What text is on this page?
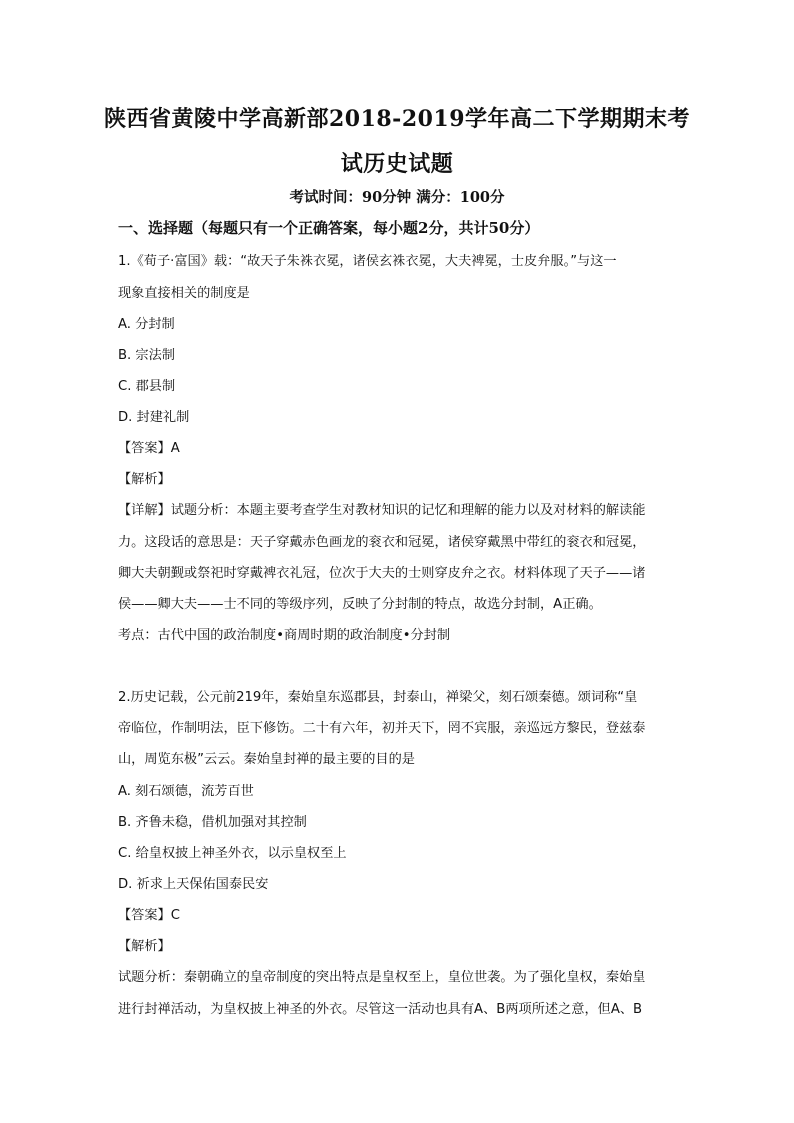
陕西省黄陵中学高新部2018-2019学年高二下学期期末考
试历史试题
考试时间：90分钟 满分：100分
一、选择题（每题只有一个正确答案，每小题2分，共计50分）
1.《荀子·富国》载：“故天子朱袾衣冕，诸侯玄袾衣冕，大夫裨冕，士皮弁服。”与这一
现象直接相关的制度是
A. 分封制
B. 宗法制
C. 郡县制
D. 封建礼制
【答案】A
【解析】
【详解】试题分析：本题主要考查学生对教材知识的记忆和理解的能力以及对材料的解读能
力。这段话的意思是：天子穿戴赤色画龙的衮衣和冠冕，诸侯穿戴黑中带红的衮衣和冠冕，
卿大夫朝觐或祭祀时穿戴裨衣礼冠，位次于大夫的士则穿皮弁之衣。材料体现了天子——诸
侯——卿大夫——士不同的等级序列，反映了分封制的特点，故选分封制，A正确。
考点：古代中国的政治制度•商周时期的政治制度•分封制
2.历史记载，公元前219年，秦始皇东巡郡县，封泰山，禅梁父，刻石颂秦德。颂词称“皇
帝临位，作制明法，臣下修饬。二十有六年，初并天下，罔不宾服，亲巡远方黎民，登兹泰
山，周览东极”云云。秦始皇封禅的最主要的目的是
A. 刻石颂德，流芳百世
B. 齐鲁未稳，借机加强对其控制
C. 给皇权披上神圣外衣，以示皇权至上
D. 祈求上天保佑国泰民安
【答案】C
【解析】
试题分析：秦朝确立的皇帝制度的突出特点是皇权至上，皇位世袭。为了强化皇权，秦始皇
进行封禅活动，为皇权披上神圣的外衣。尽管这一活动也具有A、B两项所述之意，但A、B
